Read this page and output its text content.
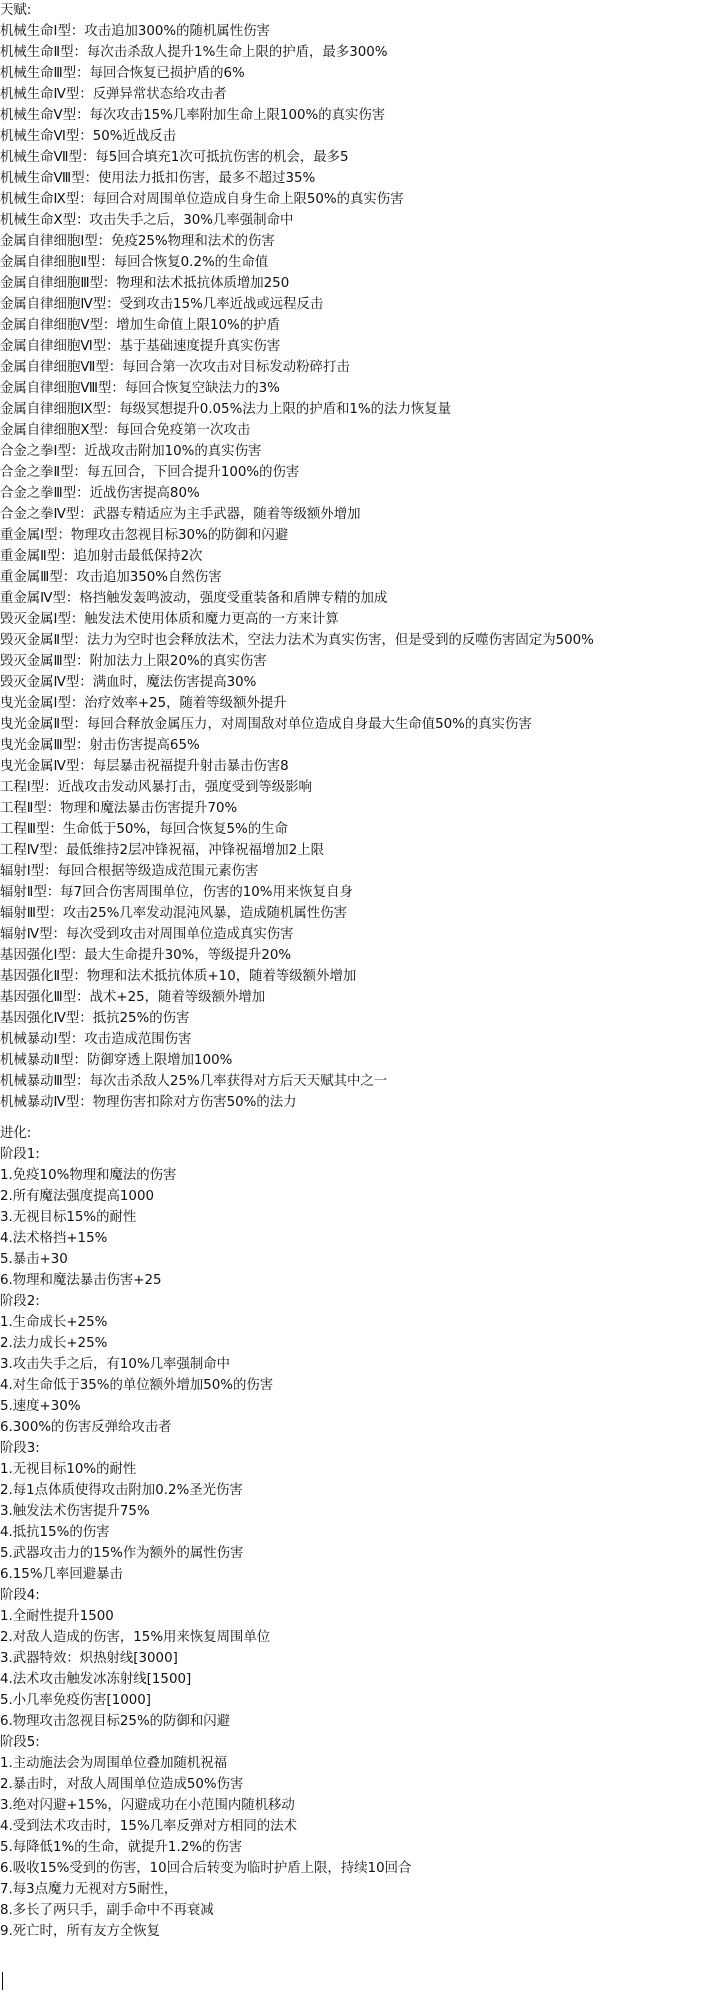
天赋:
机械生命Ⅰ型：攻击追加300%的随机属性伤害
机械生命Ⅱ型：每次击杀敌人提升1%生命上限的护盾，最多300%
机械生命Ⅲ型：每回合恢复已损护盾的6%
机械生命Ⅳ型：反弹异常状态给攻击者
机械生命Ⅴ型：每次攻击15%几率附加生命上限100%的真实伤害
机械生命Ⅵ型：50%近战反击
机械生命Ⅶ型：每5回合填充1次可抵抗伤害的机会，最多5
机械生命Ⅷ型：使用法力抵扣伤害，最多不超过35%
机械生命Ⅸ型：每回合对周围单位造成自身生命上限50%的真实伤害
机械生命Ⅹ型：攻击失手之后，30%几率强制命中
金属自律细胞Ⅰ型：免疫25%物理和法术的伤害
金属自律细胞Ⅱ型：每回合恢复0.2%的生命值
金属自律细胞Ⅲ型：物理和法术抵抗体质增加250
金属自律细胞Ⅳ型：受到攻击15%几率近战或远程反击
金属自律细胞Ⅴ型：增加生命值上限10%的护盾
金属自律细胞Ⅵ型：基于基础速度提升真实伤害
金属自律细胞Ⅶ型：每回合第一次攻击对目标发动粉碎打击
金属自律细胞Ⅷ型：每回合恢复空缺法力的3%
金属自律细胞Ⅸ型：每级冥想提升0.05%法力上限的护盾和1%的法力恢复量
金属自律细胞Ⅹ型：每回合免疫第一次攻击
合金之拳Ⅰ型：近战攻击附加10%的真实伤害
合金之拳Ⅱ型：每五回合，下回合提升100%的伤害
合金之拳Ⅲ型：近战伤害提高80%
合金之拳Ⅳ型：武器专精适应为主手武器，随着等级额外增加
重金属Ⅰ型：物理攻击忽视目标30%的防御和闪避
重金属Ⅱ型：追加射击最低保持2次
重金属Ⅲ型：攻击追加350%自然伤害
重金属Ⅳ型：格挡触发轰鸣波动，强度受重装备和盾牌专精的加成
毁灭金属Ⅰ型：触发法术使用体质和魔力更高的一方来计算
毁灭金属Ⅱ型：法力为空时也会释放法术，空法力法术为真实伤害，但是受到的反噬伤害固定为500%
毁灭金属Ⅲ型：附加法力上限20%的真实伤害
毁灭金属Ⅳ型：满血时，魔法伤害提高30%
曳光金属Ⅰ型：治疗效率+25，随着等级额外提升
曳光金属Ⅱ型：每回合释放金属压力，对周围敌对单位造成自身最大生命值50%的真实伤害
曳光金属Ⅲ型：射击伤害提高65%
曳光金属Ⅳ型：每层暴击祝福提升射击暴击伤害8
工程Ⅰ型：近战攻击发动风暴打击，强度受到等级影响
工程Ⅱ型：物理和魔法暴击伤害提升70%
工程Ⅲ型：生命低于50%，每回合恢复5%的生命
工程Ⅳ型：最低维持2层冲锋祝福，冲锋祝福增加2上限
辐射Ⅰ型：每回合根据等级造成范围元素伤害
辐射Ⅱ型：每7回合伤害周围单位，伤害的10%用来恢复自身
辐射Ⅲ型：攻击25%几率发动混沌风暴，造成随机属性伤害
辐射Ⅳ型：每次受到攻击对周围单位造成真实伤害
基因强化Ⅰ型：最大生命提升30%，等级提升20%
基因强化Ⅱ型：物理和法术抵抗体质+10，随着等级额外增加
基因强化Ⅲ型：战术+25，随着等级额外增加
基因强化Ⅳ型：抵抗25%的伤害
机械暴动Ⅰ型：攻击造成范围伤害
机械暴动Ⅱ型：防御穿透上限增加100%
机械暴动Ⅲ型：每次击杀敌人25%几率获得对方后天天赋其中之一
机械暴动Ⅳ型：物理伤害扣除对方伤害50%的法力
进化:
阶段1:
1.免疫10%物理和魔法的伤害
2.所有魔法强度提高1000
3.无视目标15%的耐性
4.法术格挡+15%
5.暴击+30
6.物理和魔法暴击伤害+25
阶段2:
1.生命成长+25%
2.法力成长+25%
3.攻击失手之后，有10%几率强制命中
4.对生命低于35%的单位额外增加50%的伤害
5.速度+30%
6.300%的伤害反弹给攻击者
阶段3:
1.无视目标10%的耐性
2.每1点体质使得攻击附加0.2%圣光伤害
3.触发法术伤害提升75%
4.抵抗15%的伤害
5.武器攻击力的15%作为额外的属性伤害
6.15%几率回避暴击
阶段4:
1.全耐性提升1500
2.对敌人造成的伤害，15%用来恢复周围单位
3.武器特效：炽热射线[3000]
4.法术攻击触发冰冻射线[1500]
5.小几率免疫伤害[1000]
6.物理攻击忽视目标25%的防御和闪避
阶段5:
1.主动施法会为周围单位叠加随机祝福
2.暴击时，对敌人周围单位造成50%伤害
3.绝对闪避+15%，闪避成功在小范围内随机移动
4.受到法术攻击时，15%几率反弹对方相同的法术
5.每降低1%的生命，就提升1.2%的伤害
6.吸收15%受到的伤害，10回合后转变为临时护盾上限，持续10回合
7.每3点魔力无视对方5耐性，
8.多长了两只手，副手命中不再衰减
9.死亡时，所有友方全恢复
